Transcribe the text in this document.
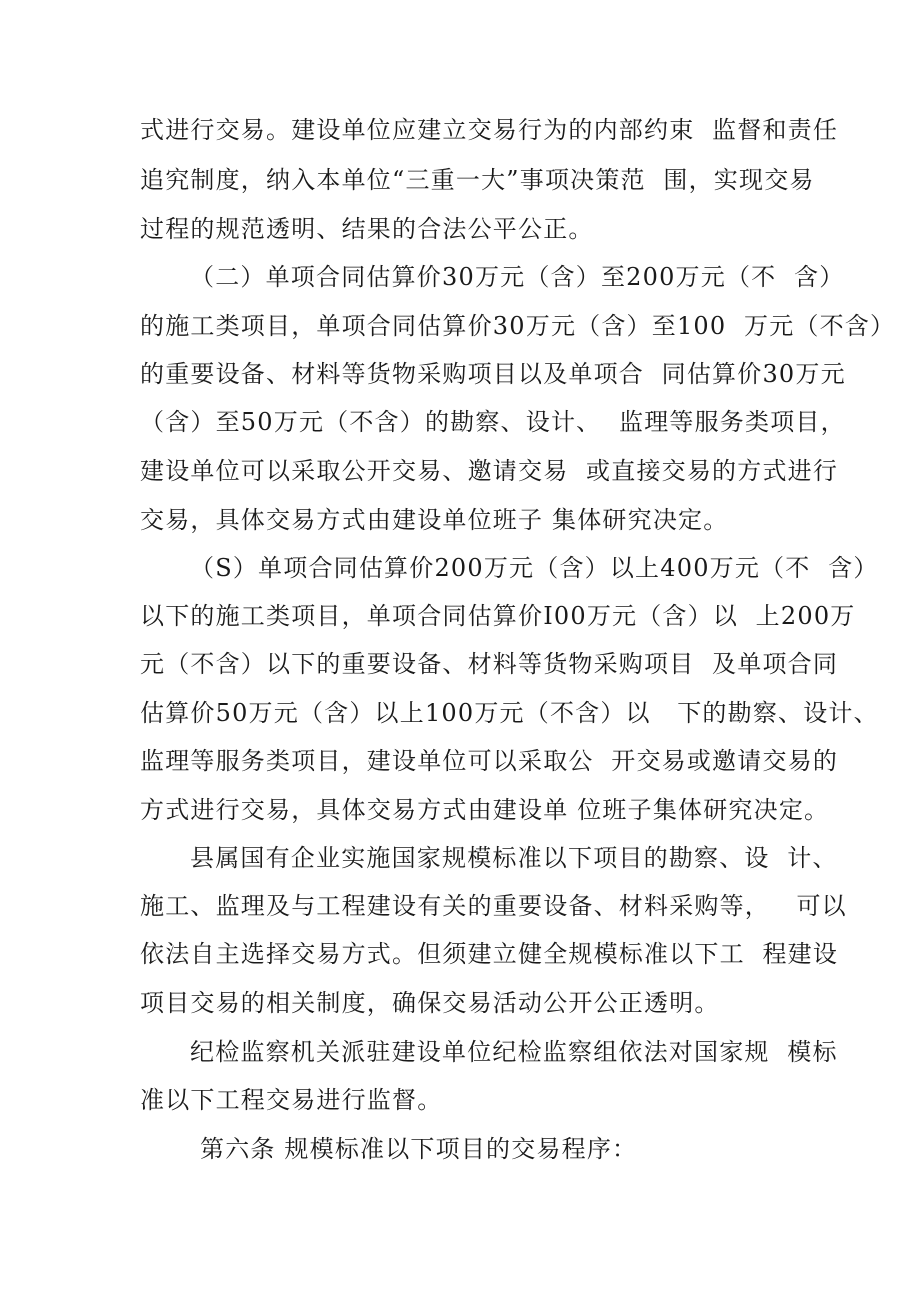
式进行交易。建设单位应建立交易行为的内部约束  监督和责任
追究制度，纳入本单位“三重一大”事项决策范  围，实现交易
过程的规范透明、结果的合法公平公正。
（二）单项合同估算价30万元（含）至200万元（不  含）
的施工类项目，单项合同估算价30万元（含）至100  万元（不含）
的重要设备、材料等货物采购项目以及单项合  同估算价30万元
（含）至50万元（不含）的勘察、设计、  监理等服务类项目，
建设单位可以采取公开交易、邀请交易  或直接交易的方式进行
交易，具体交易方式由建设单位班子 集体研究决定。
（S）单项合同估算价200万元（含）以上400万元（不  含）
以下的施工类项目，单项合同估算价I00万元（含）以  上200万
元（不含）以下的重要设备、材料等货物采购项目  及单项合同
估算价50万元（含）以上100万元（不含）以   下的勘察、设计、
监理等服务类项目，建设单位可以采取公  开交易或邀请交易的
方式进行交易，具体交易方式由建设单 位班子集体研究决定。
县属国有企业实施国家规模标准以下项目的勘察、设  计、
施工、监理及与工程建设有关的重要设备、材料采购等，   可以
依法自主选择交易方式。但须建立健全规模标准以下工  程建设
项目交易的相关制度，确保交易活动公开公正透明。
纪检监察机关派驻建设单位纪检监察组依法对国家规  模标
准以下工程交易进行监督。
第六条 规模标准以下项目的交易程序：
